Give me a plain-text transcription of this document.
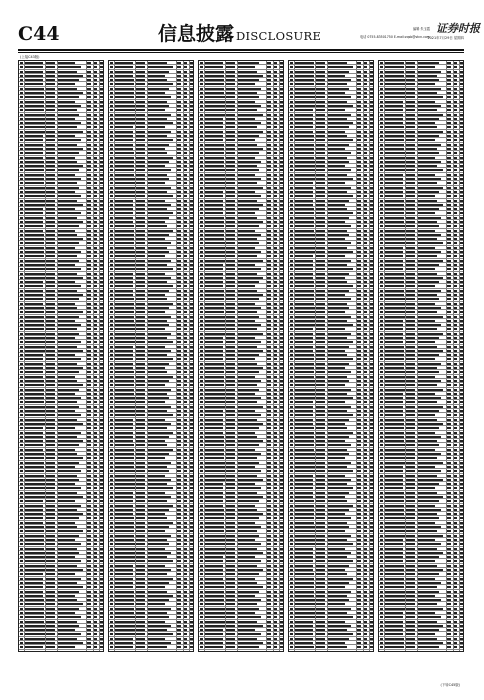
C44	信息披露 DISCLOSURE	编辑 朱玉霞
电话 0755-83501750 E-mail:zqsb@stcn.com
证券时报
2021年7月29日 星期四
(上接C43版)
(下转C45版)
